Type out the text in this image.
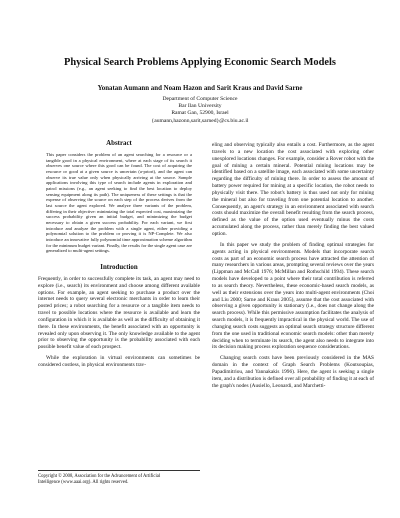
Physical Search Problems Applying Economic Search Models
Yonatan Aumann and Noam Hazon and Sarit Kraus and David Sarne
Department of Computer Science
Bar Ilan University
Ramat Gan, 52900, Israel
{aumann,hazonn,sarit,sarned}@cs.biu.ac.il
Abstract

This paper considers the problem of an agent searching for a resource or a tangible good in a physical environment, where at each stage of its search it observes one source where this good can be found. The cost of acquiring the resource or good at a given source is uncertain (a-priori), and the agent can observe its true value only when physically arriving at the source. Sample applications involving this type of search include agents in exploration and patrol missions (e.g., an agent seeking to find the best location to deploy sensing equipment along its path). The uniqueness of these settings is that the expense of observing the source on each step of the process derives from the last source the agent explored. We analyze three variants of the problem, differing in their objective: minimizing the total expected cost, maximizing the success probability given an initial budget, and minimizing the budget necessary to obtain a given success probability. For each variant, we first introduce and analyze the problem with a single agent, either providing a polynomial solution to the problem or proving it is NP-Complete. We also introduce an innovative fully polynomial time approximation scheme algorithm for the minimum budget variant. Finally, the results for the single agent case are generalized to multi-agent settings.

Introduction

Frequently, in order to successfully complete its task, an agent may need to explore (i.e., search) its environment and choose among different available options. For example, an agent seeking to purchase a product over the internet needs to query several electronic merchants in order to learn their posted prices; a robot searching for a resource or a tangible item needs to travel to possible locations where the resource is available and learn the configuration in which it is available as well as the difficulty of obtaining it there. In these environments, the benefit associated with an opportunity is revealed only upon observing it. The only knowledge available to the agent prior to observing the opportunity is the probability associated with each possible benefit value of each prospect.

While the exploration in virtual environments can sometimes be considered costless, in physical environments trav-

Copyright © 2008, Association for the Advancement of Artificial
Intelligence (www.aaai.org). All rights reserved.

eling and observing typically also entails a cost. Furthermore, as the agent travels to a new location the cost associated with exploring other unexplored locations changes. For example, consider a Rover robot with the goal of mining a certain mineral. Potential mining locations may be identified based on a satellite image, each associated with some uncertainty regarding the difficulty of mining there. In order to assess the amount of battery power required for mining at a specific location, the robot needs to physically visit there. The robot's battery is thus used not only for mining the mineral but also for traveling from one potential location to another. Consequently, an agent's strategy in an environment associated with search costs should maximize the overall benefit resulting from the search process, defined as the value of the option used eventually minus the costs accumulated along the process, rather than merely finding the best valued option.

In this paper we study the problem of finding optimal strategies for agents acting in physical environments. Models that incorporate search costs as part of an economic search process have attracted the attention of many researchers in various areas, prompting several reviews over the years (Lippman and McCall 1976; McMillan and Rothschild 1994). These search models have developed to a point where their total contribution is referred to as search theory. Nevertheless, these economic-based search models, as well as their extensions over the years into multi-agent environments (Choi and Liu 2000; Sarne and Kraus 2005), assume that the cost associated with observing a given opportunity is stationary (i.e., does not change along the search process). While this permissive assumption facilitates the analysis of search models, it is frequently impractical in the physical world. The use of changing search costs suggests an optimal search strategy structure different from the one used in traditional economic search models: other than merely deciding when to terminate its search, the agent also needs to integrate into its decision making process exploration sequence considerations.

Changing search costs have been previously considered in the MAS domain in the context of Graph Search Problems (Koutsoupias, Papadimitriou, and Yannakakis 1996). Here, the agent is seeking a single item, and a distribution is defined over all probability of finding it at each of the graph's nodes (Ausiello, Leonardi, and Marchetti-
